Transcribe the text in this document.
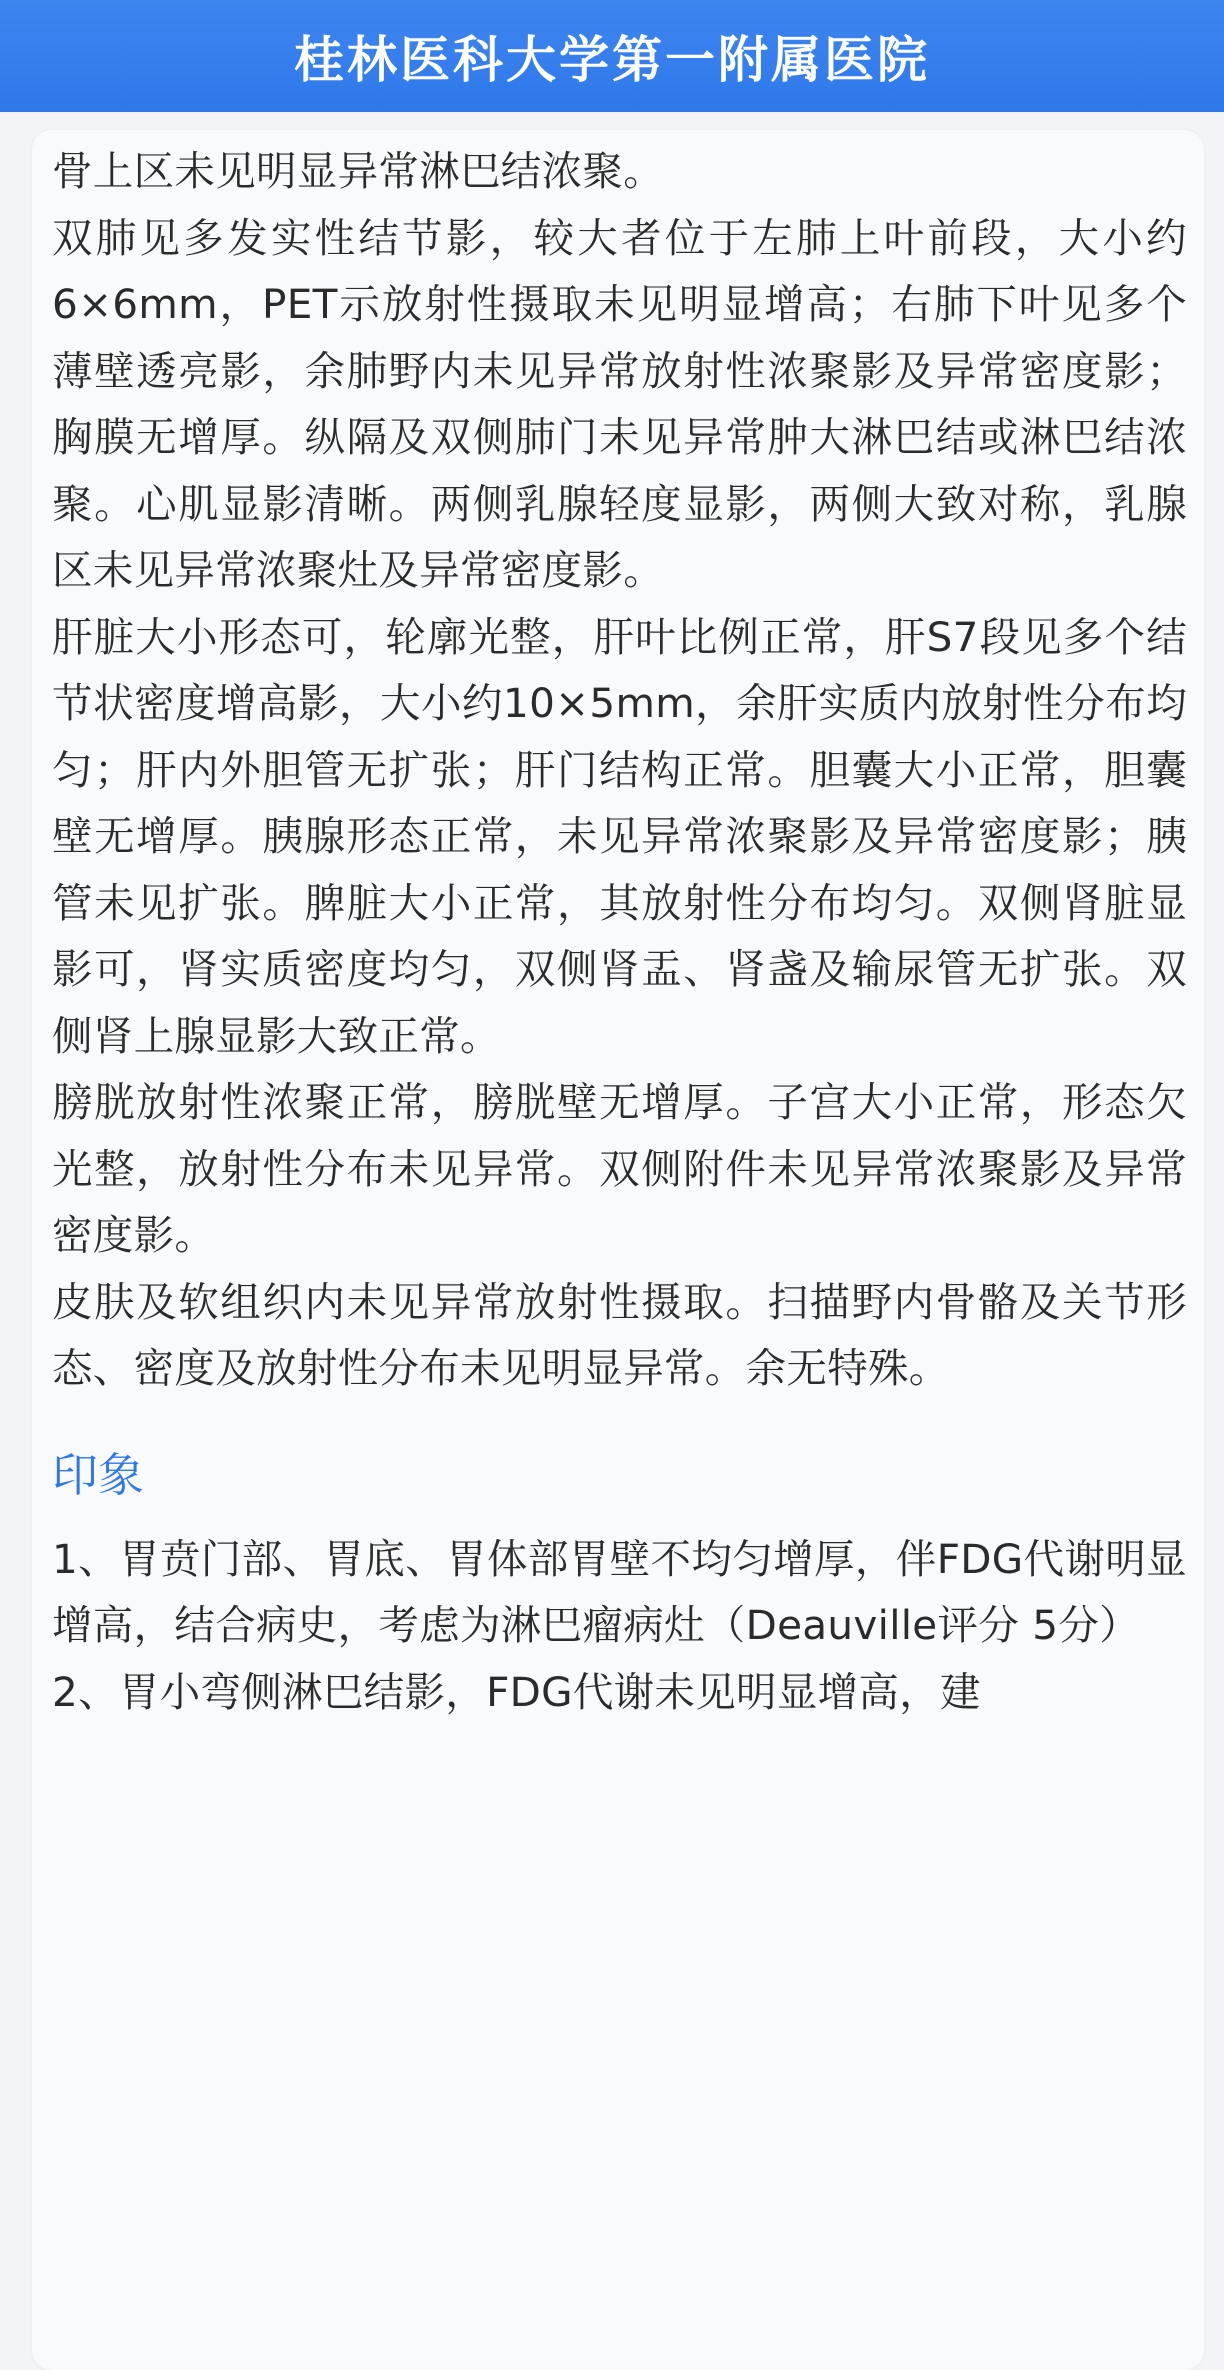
桂林医科大学第一附属医院

骨上区未见明显异常淋巴结浓聚。

双肺见多发实性结节影，较大者位于左肺上叶前段，大小约6×6mm，PET示放射性摄取未见明显增高；右肺下叶见多个薄壁透亮影，余肺野内未见异常放射性浓聚影及异常密度影；胸膜无增厚。纵隔及双侧肺门未见异常肿大淋巴结或淋巴结浓聚。心肌显影清晰。两侧乳腺轻度显影，两侧大致对称，乳腺区未见异常浓聚灶及异常密度影。

肝脏大小形态可，轮廓光整，肝叶比例正常，肝S7段见多个结节状密度增高影，大小约10×5mm，余肝实质内放射性分布均匀；肝内外胆管无扩张；肝门结构正常。胆囊大小正常，胆囊壁无增厚。胰腺形态正常，未见异常浓聚影及异常密度影；胰管未见扩张。脾脏大小正常，其放射性分布均匀。双侧肾脏显影可，肾实质密度均匀，双侧肾盂、肾盏及输尿管无扩张。双侧肾上腺显影大致正常。

膀胱放射性浓聚正常，膀胱壁无增厚。子宫大小正常，形态欠光整，放射性分布未见异常。双侧附件未见异常浓聚影及异常密度影。

皮肤及软组织内未见异常放射性摄取。扫描野内骨骼及关节形态、密度及放射性分布未见明显异常。余无特殊。

印象

1、胃贲门部、胃底、胃体部胃壁不均匀增厚，伴FDG代谢明显增高，结合病史，考虑为淋巴瘤病灶（Deauville评分 5分）

2、胃小弯侧淋巴结影，FDG代谢未见明显增高，建
